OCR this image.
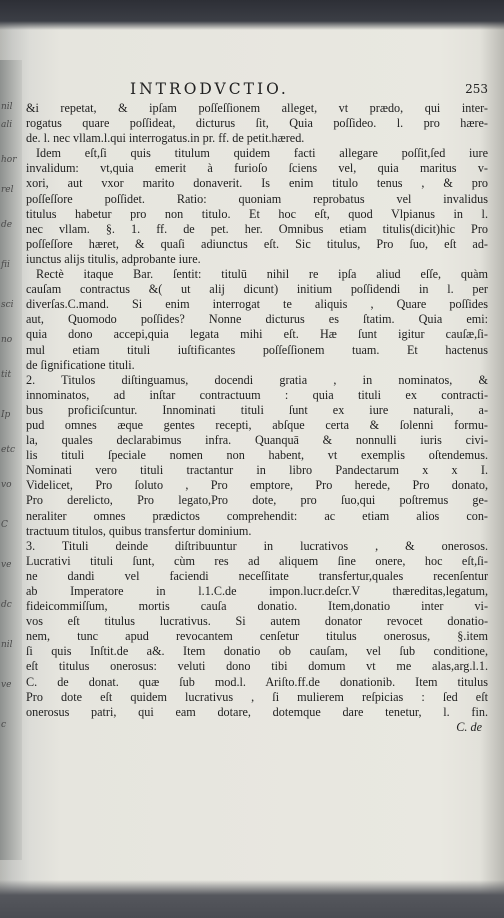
nil
ali
hor
rel
de
fii
sci
no
tit
Ip
etc
vo
C
ve
dc
nil
ve
c
INTRODVCTIO.	253
&i repetat, & ipſam poſſeſſionem alleget, vt prædo, qui inter-
rogatus quare poſſideat, dicturus ſit, Quia poſſideo. l. pro hære-
de. l. nec vllam.l.qui interrogatus.in pr. ff. de petit.hæred.
Idem eſt,ſi quis titulum quidem facti allegare poſſit,ſed iure
invalidum: vt,quia emerit à furioſo ſciens vel, quia maritus v-
xori, aut vxor marito donaverit. Is enim titulo tenus , & pro
poſſeſſore poſſidet. Ratio: quoniam reprobatus vel invalidus
titulus habetur pro non titulo. Et hoc eſt, quod Vlpianus in l.
nec vllam. §. 1. ff. de pet. her. Omnibus etiam titulis(dicit)hic Pro
poſſeſſore hæret, & quaſi adiunctus eſt. Sic titulus, Pro ſuo, eſt ad-
iunctus alijs titulis, adprobante iure.
Rectè itaque Bar. ſentit: titulū nihil re ipſa aliud eſſe, quàm
cauſam contractus &( ut alij dicunt) initium poſſidendi in l. per
diverſas.C.mand. Si enim interrogat te aliquis , Quare poſſides
aut, Quomodo poſſides? Nonne dicturus es ſtatim. Quia emi:
quia dono accepi,quia legata mihi eſt. Hæ ſunt igitur cauſæ,ſi-
mul etiam tituli iuſtificantes poſſeſſionem tuam. Et hactenus
de ſignificatione tituli.
2. Titulos diſtinguamus, docendi gratia , in nominatos, &
innominatos, ad inſtar contractuum : quia tituli ex contracti-
bus proficiſcuntur. Innominati tituli ſunt ex iure naturali, a-
pud omnes æque gentes recepti, abſque certa & ſolenni formu-
la, quales declarabimus infra. Quanquā & nonnulli iuris civi-
lis tituli ſpeciale nomen non habent, vt exemplis oſtendemus.
Nominati vero tituli tractantur in libro Pandectarum x x I.
Videlicet, Pro ſoluto , Pro emptore, Pro herede, Pro donato,
Pro derelicto, Pro legato,Pro dote, pro ſuo,qui poſtremus ge-
neraliter omnes prædictos comprehendit: ac etiam alios con-
tractuum titulos, quibus transfertur dominium.
3. Tituli deinde diſtribuuntur in lucrativos , & onerosos.
Lucrativi tituli ſunt, cùm res ad aliquem ſine onere, hoc eſt,ſi-
ne dandi vel faciendi neceſſitate transfertur,quales recenſentur
ab Imperatore in l.1.C.de impon.lucr.deſcr.V thæreditas,legatum,
fideicommiſſum, mortis cauſa donatio. Item,donatio inter vi-
vos eſt titulus lucrativus. Si autem donator revocet donatio-
nem, tunc apud revocantem cenſetur titulus onerosus, §.item
ſi quis Inſtit.de a&. Item donatio ob cauſam, vel ſub conditione,
eſt titulus onerosus: veluti dono tibi domum vt me alas,arg.l.1.
C. de donat. quæ ſub mod.l. Ariſto.ff.de donationib. Item titulus
Pro dote eſt quidem lucrativus , ſi mulierem reſpicias : ſed eſt
onerosus patri, qui eam dotare, dotemque dare tenetur, l. fin.
C. de
